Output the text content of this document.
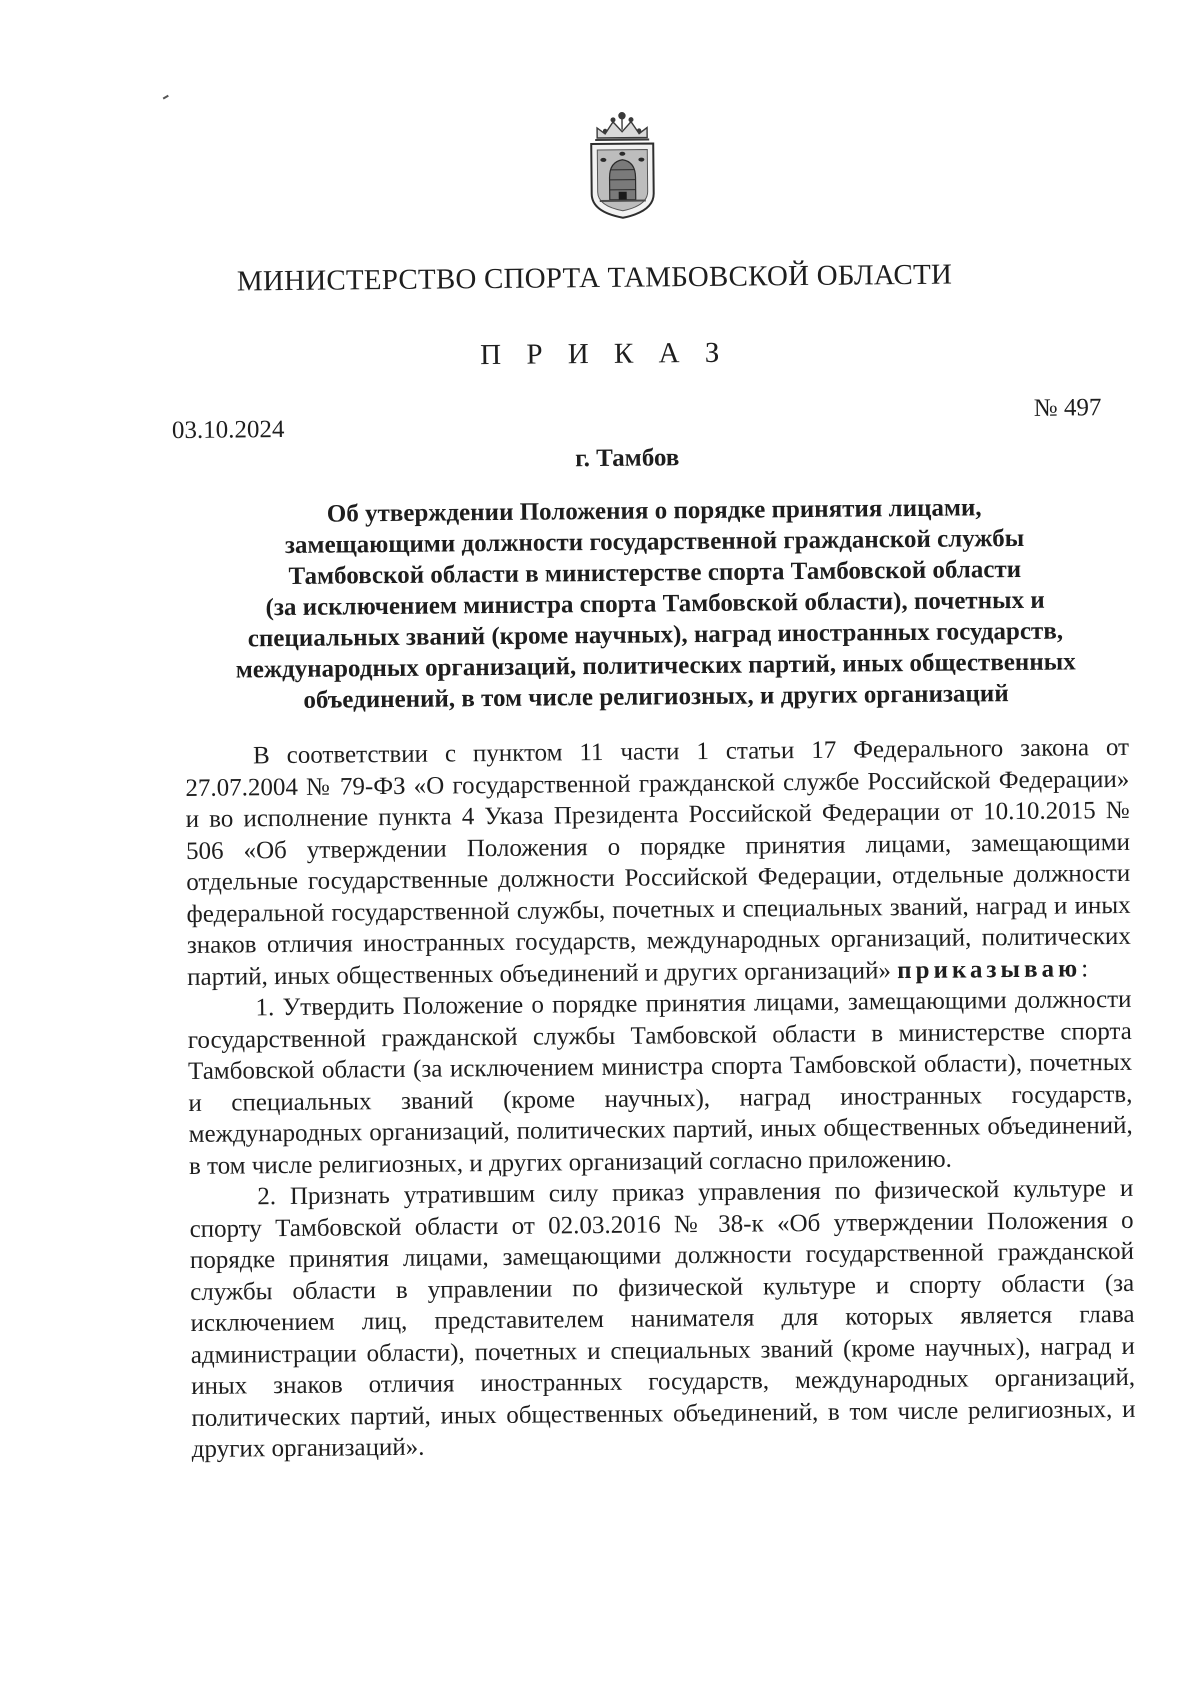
МИНИСТЕРСТВО СПОРТА ТАМБОВСКОЙ ОБЛАСТИ
П Р И К А З
03.10.2024
№ 497
г. Тамбов
Об утверждении Положения о порядке принятия лицами,
замещающими должности государственной гражданской службы
Тамбовской области в министерстве спорта Тамбовской области
(за исключением министра спорта Тамбовской области), почетных и
специальных званий (кроме научных), наград иностранных государств,
международных организаций, политических партий, иных общественных
объединений, в том числе религиозных, и других организаций

В соответствии с пунктом 11 части 1 статьи 17 Федерального закона от 27.07.2004 № 79-ФЗ «О государственной гражданской службе Российской Федерации» и во исполнение пункта 4 Указа Президента Российской Федерации от 10.10.2015 № 506 «Об утверждении Положения о порядке принятия лицами, замещающими отдельные государственные должности Российской Федерации, отдельные должности федеральной государственной службы, почетных и специальных званий, наград и иных знаков отличия иностранных государств, международных организаций, политических партий, иных общественных объединений и других организаций» приказываю:

1. Утвердить Положение о порядке принятия лицами, замещающими должности государственной гражданской службы Тамбовской области в министерстве спорта Тамбовской области (за исключением министра спорта Тамбовской области), почетных и специальных званий (кроме научных), наград иностранных государств, международных организаций, политических партий, иных общественных объединений, в том числе религиозных, и других организаций согласно приложению.

2. Признать утратившим силу приказ управления по физической культуре и спорту Тамбовской области от 02.03.2016 № 38-к «Об утверждении Положения о порядке принятия лицами, замещающими должности государственной гражданской службы области в управлении по физической культуре и спорту области (за исключением лиц, представителем нанимателя для которых является глава администрации области), почетных и специальных званий (кроме научных), наград и иных знаков отличия иностранных государств, международных организаций, политических партий, иных общественных объединений, в том числе религиозных, и других организаций».
